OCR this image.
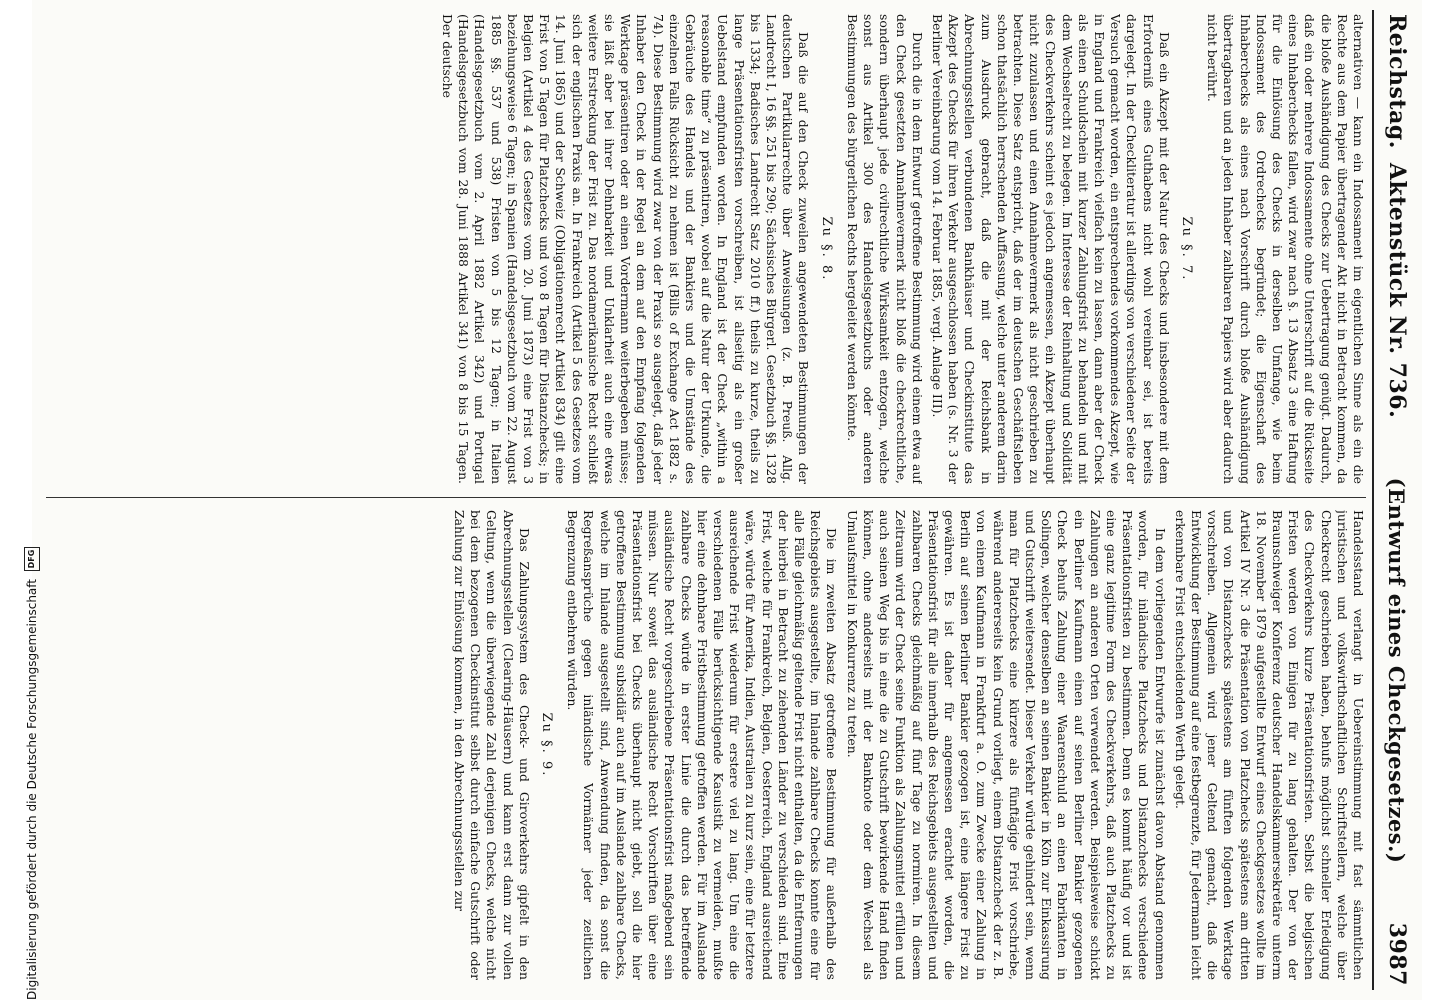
Reichstag.
Aktenstück Nr. 736.
(Entwurf eines Checkgesetzes.)
3987

alternativen — kann ein Indossament im eigentlichen Sinne als ein die Rechte aus dem Papier übertragender Akt nicht in Betracht kommen, da die bloße Aushändigung des Checks zur Uebertragung genügt. Dadurch, daß ein oder mehrere Indossamente ohne Unterschrift auf die Rückseite eines Inhaberchecks fallen, wird zwar nach §. 13 Absatz 3 eine Haftung für die Einlösung des Checks in derselben Umfange, wie beim Indossament des Ordrechecks begründet; die Eigenschaft des Inhaberchecks als eines nach Vorschrift durch bloße Aushändigung übertragbaren und an jeden Inhaber zahlbaren Papiers wird aber dadurch nicht berührt.

Zu §. 7.

Daß ein Akzept mit der Natur des Checks und insbesondere mit dem Erforderniß eines Guthabens nicht wohl vereinbar sei, ist bereits dargelegt. In der Checkliteratur ist allerdings von verschiedener Seite der Versuch gemacht worden, ein entsprechendes vorkommendes Akzept, wie in England und Frankreich vielfach kein zu lassen, dann aber der Check als einen Schuldschein mit kurzer Zahlungsfrist zu behandeln und mit dem Wechselrecht zu belegen. Im Interesse der Reinhaltung und Solidität des Checkverkehrs scheint es jedoch angemessen, ein Akzept überhaupt nicht zuzulassen und einen Annahmevermerk als nicht geschrieben zu betrachten. Diese Satz entspricht, daß der im deutschen Geschäftsleben schon thatsächlich herrschenden Auffassung, welche unter anderem darin zum Ausdruck gebracht, daß die mit der Reichsbank in Abrechnungsstellen verbundenen Bankhäuser und Checkinstitute das Akzept des Checks für ihren Verkehr ausgeschlossen haben (s. Nr. 3 der Berliner Vereinbarung vom 14. Februar 1885, vergl. Anlage III).

Durch die in dem Entwurf getroffene Bestimmung wird einem etwa auf den Check gesetzten Annahmevermerk nicht bloß die checkrechtliche, sondern überhaupt jede civilrechtliche Wirksamkeit entzogen, welche sonst aus Artikel 300 des Handelsgesetzbuchs oder anderen Bestimmungen des bürgerlichen Rechts hergeleitet werden könnte.

Zu §. 8.

Daß die auf den Check zuweilen angewendeten Bestimmungen der deutschen Partikularrechte über Anweisungen (z. B. Preuß. Allg. Landrecht I, 16 §§. 251 bis 290; Sächsisches Bürgerl. Gesetzbuch §§. 1328 bis 1334; Badisches Landrecht Satz 2010 ff.) theils zu kurze, theils zu lange Präsentationsfristen vorschreiben, ist allseitig als ein großer Uebelstand empfunden worden. In England ist der Check „within a reasonable time“ zu präsentiren, wobei auf die Natur der Urkunde, die Gebräuche des Handels und der Bankiers und die Umstände des einzelnen Falls Rücksicht zu nehmen ist (Bills of Exchange Act 1882 s. 74). Diese Bestimmung wird zwar von der Praxis so ausgelegt, daß jeder Inhaber den Check in der Regel an dem auf den Empfang folgenden Werktage präsentiren oder an einen Vordermann weiterbegeben müsse; sie läßt aber bei ihrer Dehnbarkeit und Unklarheit auch eine etwas weitere Erstreckung der Frist zu. Das nordamerikanische Recht schließt sich der englischen Praxis an. In Frankreich (Artikel 5 des Gesetzes vom 14. Juni 1865) und der Schweiz (Obligationenrecht Artikel 834) gilt eine Frist von 5 Tagen für Platzchecks und von 8 Tagen für Distanzchecks; in Belgien (Artikel 4 des Gesetzes vom 20. Juni 1873) eine Frist von 3 beziehungsweise 6 Tagen; in Spanien (Handelsgesetzbuch vom 22. August 1885 §§. 537 und 538) Fristen von 5 bis 12 Tagen; in Italien (Handelsgesetzbuch vom 2. April 1882 Artikel 342) und Portugal (Handelsgesetzbuch vom 28. Juni 1888 Artikel 341) von 8 bis 15 Tagen. Der deutsche

Handelsstand verlangt in Uebereinstimmung mit fast sämmtlichen juristischen und volkswirthschaftlichen Schriftstellern, welche über Checkrecht geschrieben haben, behufs möglichst schneller Erledigung des Checkverkehrs kurze Präsentationsfristen. Selbst die belgischen Fristen werden von Einigen für zu lang gehalten. Der von der Braunschweiger Konferenz deutscher Handelskammersekretäre unterm 18. November 1879 aufgestellte Entwurf eines Checkgesetzes wollte im Artikel IV Nr. 3 die Präsentation von Platzchecks spätestens am dritten und von Distanzchecks spätestens am fünften folgenden Werktage vorschreiben. Allgemein wird jener Geltend gemacht, daß die Entwicklung der Bestimmung auf eine festbegrenzte, für Jedermann leicht erkennbare Frist entscheidenden Werth gelegt.

In dem vorliegenden Entwurfe ist zunächst davon Abstand genommen worden, für inländische Platzchecks und Distanzchecks verschiedene Präsentationsfristen zu bestimmen. Denn es kommt häufig vor und ist eine ganz legitime Form des Checkverkehrs, daß auch Platzchecks zu Zahlungen an anderen Orten verwendet werden. Beispielsweise schickt ein Berliner Kaufmann einen auf seinen Berliner Bankier gezogenen Check behufs Zahlung einer Waarenschuld an einen Fabrikanten in Solingen, welcher denselben an seinen Bankier in Köln zur Einkassirung und Gutschrift weitersendet. Dieser Verkehr würde gehindert sein, wenn man für Platzchecks eine kürzere als fünftägige Frist vorschriebe, während andererseits kein Grund vorliegt, einem Distanzcheck der z. B. von einem Kaufmann in Frankfurt a. O. zum Zwecke einer Zahlung in Berlin auf seinen Berliner Bankier gezogen ist, eine längere Frist zu gewähren. Es ist daher für angemessen erachtet worden, die Präsentationsfrist für alle innerhalb des Reichsgebiets ausgestellten und zahlbaren Checks gleichmäßig auf fünf Tage zu normiren. In diesem Zeitraum wird der Check seine Funktion als Zahlungsmittel erfüllen und auch seinen Weg bis in eine die zu Gutschrift bewirkende Hand finden können, ohne anderseits mit der Banknote oder dem Wechsel als Umlaufsmittel in Konkurrenz zu treten.

Die im zweiten Absatz getroffene Bestimmung für außerhalb des Reichsgebiets ausgestellte, im Inlande zahlbare Checks konnte eine für alle Fälle gleichmäßig geltende Frist nicht enthalten, da die Entfernungen der hierbei in Betracht zu ziehenden Länder zu verschieden sind. Eine Frist, welche für Frankreich, Belgien, Oesterreich, England ausreichend wäre, würde für Amerika, Indien, Australien zu kurz sein, eine für letztere ausreichende Frist wiederum für erstere viel zu lang. Um eine die verschiedenen Fälle berücksichtigende Kasuistik zu vermeiden, mußte hier eine dehnbare Fristbestimmung getroffen werden. Für im Auslande zahlbare Checks würde in erster Linie die durch das betreffende ausländische Recht vorgeschriebene Präsentationsfrist maßgebend sein müssen. Nur soweit das ausländische Recht Vorschriften über eine Präsentationsfrist bei Checks überhaupt nicht giebt, soll die hier getroffene Bestimmung subsidiär auch auf im Auslande zahlbare Checks, welche im Inlande ausgestellt sind, Anwendung finden, da sonst die Regreßansprüche gegen inländische Vormänner jeder zeitlichen Begrenzung entbehren würden.

Zu §. 9.

Das Zahlungssystem des Check- und Giroverkehrs gipfelt in den Abrechnungsstellen (Clearing-Häusern) und kann erst dann zur vollen Geltung, wenn die überwiegende Zahl derjenigen Checks, welche nicht bei dem bezogenen Checkinstitut selbst durch einfache Gutschrift oder Zahlung zur Einlösung kommen, in den Abrechnungsstellen zur

Digitalisierung gefördert durch die Deutsche Forschungsgemeinschaft
DFG
